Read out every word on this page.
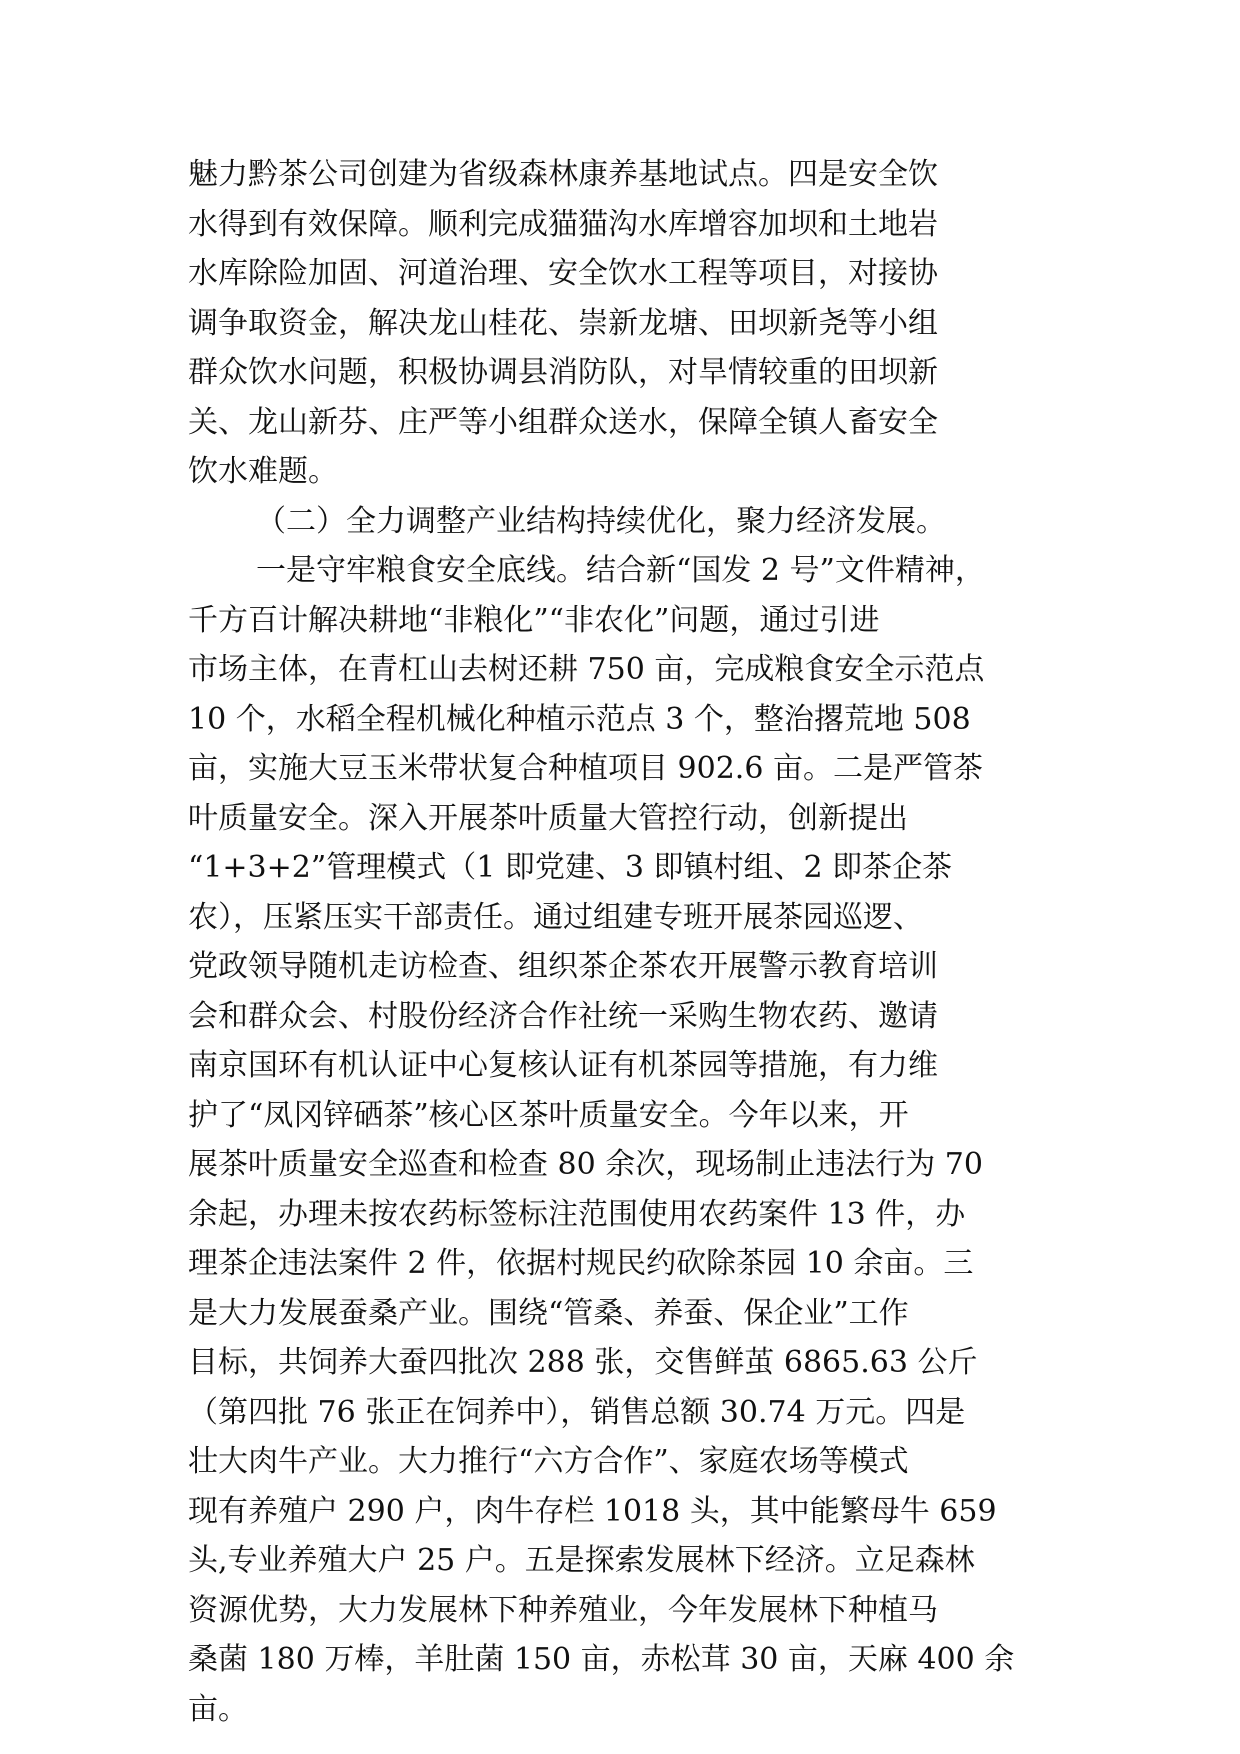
魅力黔茶公司创建为省级森林康养基地试点。四是安全饮
水得到有效保障。顺利完成猫猫沟水库增容加坝和土地岩
水库除险加固、河道治理、安全饮水工程等项目，对接协
调争取资金，解决龙山桂花、崇新龙塘、田坝新尧等小组
群众饮水问题，积极协调县消防队，对旱情较重的田坝新
关、龙山新芬、庄严等小组群众送水，保障全镇人畜安全
饮水难题。
（二）全力调整产业结构持续优化，聚力经济发展。
一是守牢粮食安全底线。结合新“国发 2 号”文件精神，
千方百计解决耕地“非粮化”“非农化”问题，通过引进
市场主体，在青杠山去树还耕 750 亩，完成粮食安全示范点
10 个，水稻全程机械化种植示范点 3 个，整治撂荒地 508
亩，实施大豆玉米带状复合种植项目 902.6 亩。二是严管茶
叶质量安全。深入开展茶叶质量大管控行动，创新提出
“1+3+2”管理模式（1 即党建、3 即镇村组、2 即茶企茶
农），压紧压实干部责任。通过组建专班开展茶园巡逻、
党政领导随机走访检查、组织茶企茶农开展警示教育培训
会和群众会、村股份经济合作社统一采购生物农药、邀请
南京国环有机认证中心复核认证有机茶园等措施，有力维
护了“凤冈锌硒茶”核心区茶叶质量安全。今年以来，开
展茶叶质量安全巡查和检查 80 余次，现场制止违法行为 70
余起，办理未按农药标签标注范围使用农药案件 13 件，办
理茶企违法案件 2 件，依据村规民约砍除茶园 10 余亩。三
是大力发展蚕桑产业。围绕“管桑、养蚕、保企业”工作
目标，共饲养大蚕四批次 288 张，交售鲜茧 6865.63 公斤
（第四批 76 张正在饲养中），销售总额 30.74 万元。四是
壮大肉牛产业。大力推行“六方合作”、家庭农场等模式
现有养殖户 290 户，肉牛存栏 1018 头，其中能繁母牛 659
头,专业养殖大户 25 户。五是探索发展林下经济。立足森林
资源优势，大力发展林下种养殖业，今年发展林下种植马
桑菌 180 万棒，羊肚菌 150 亩，赤松茸 30 亩，天麻 400 余
亩。
